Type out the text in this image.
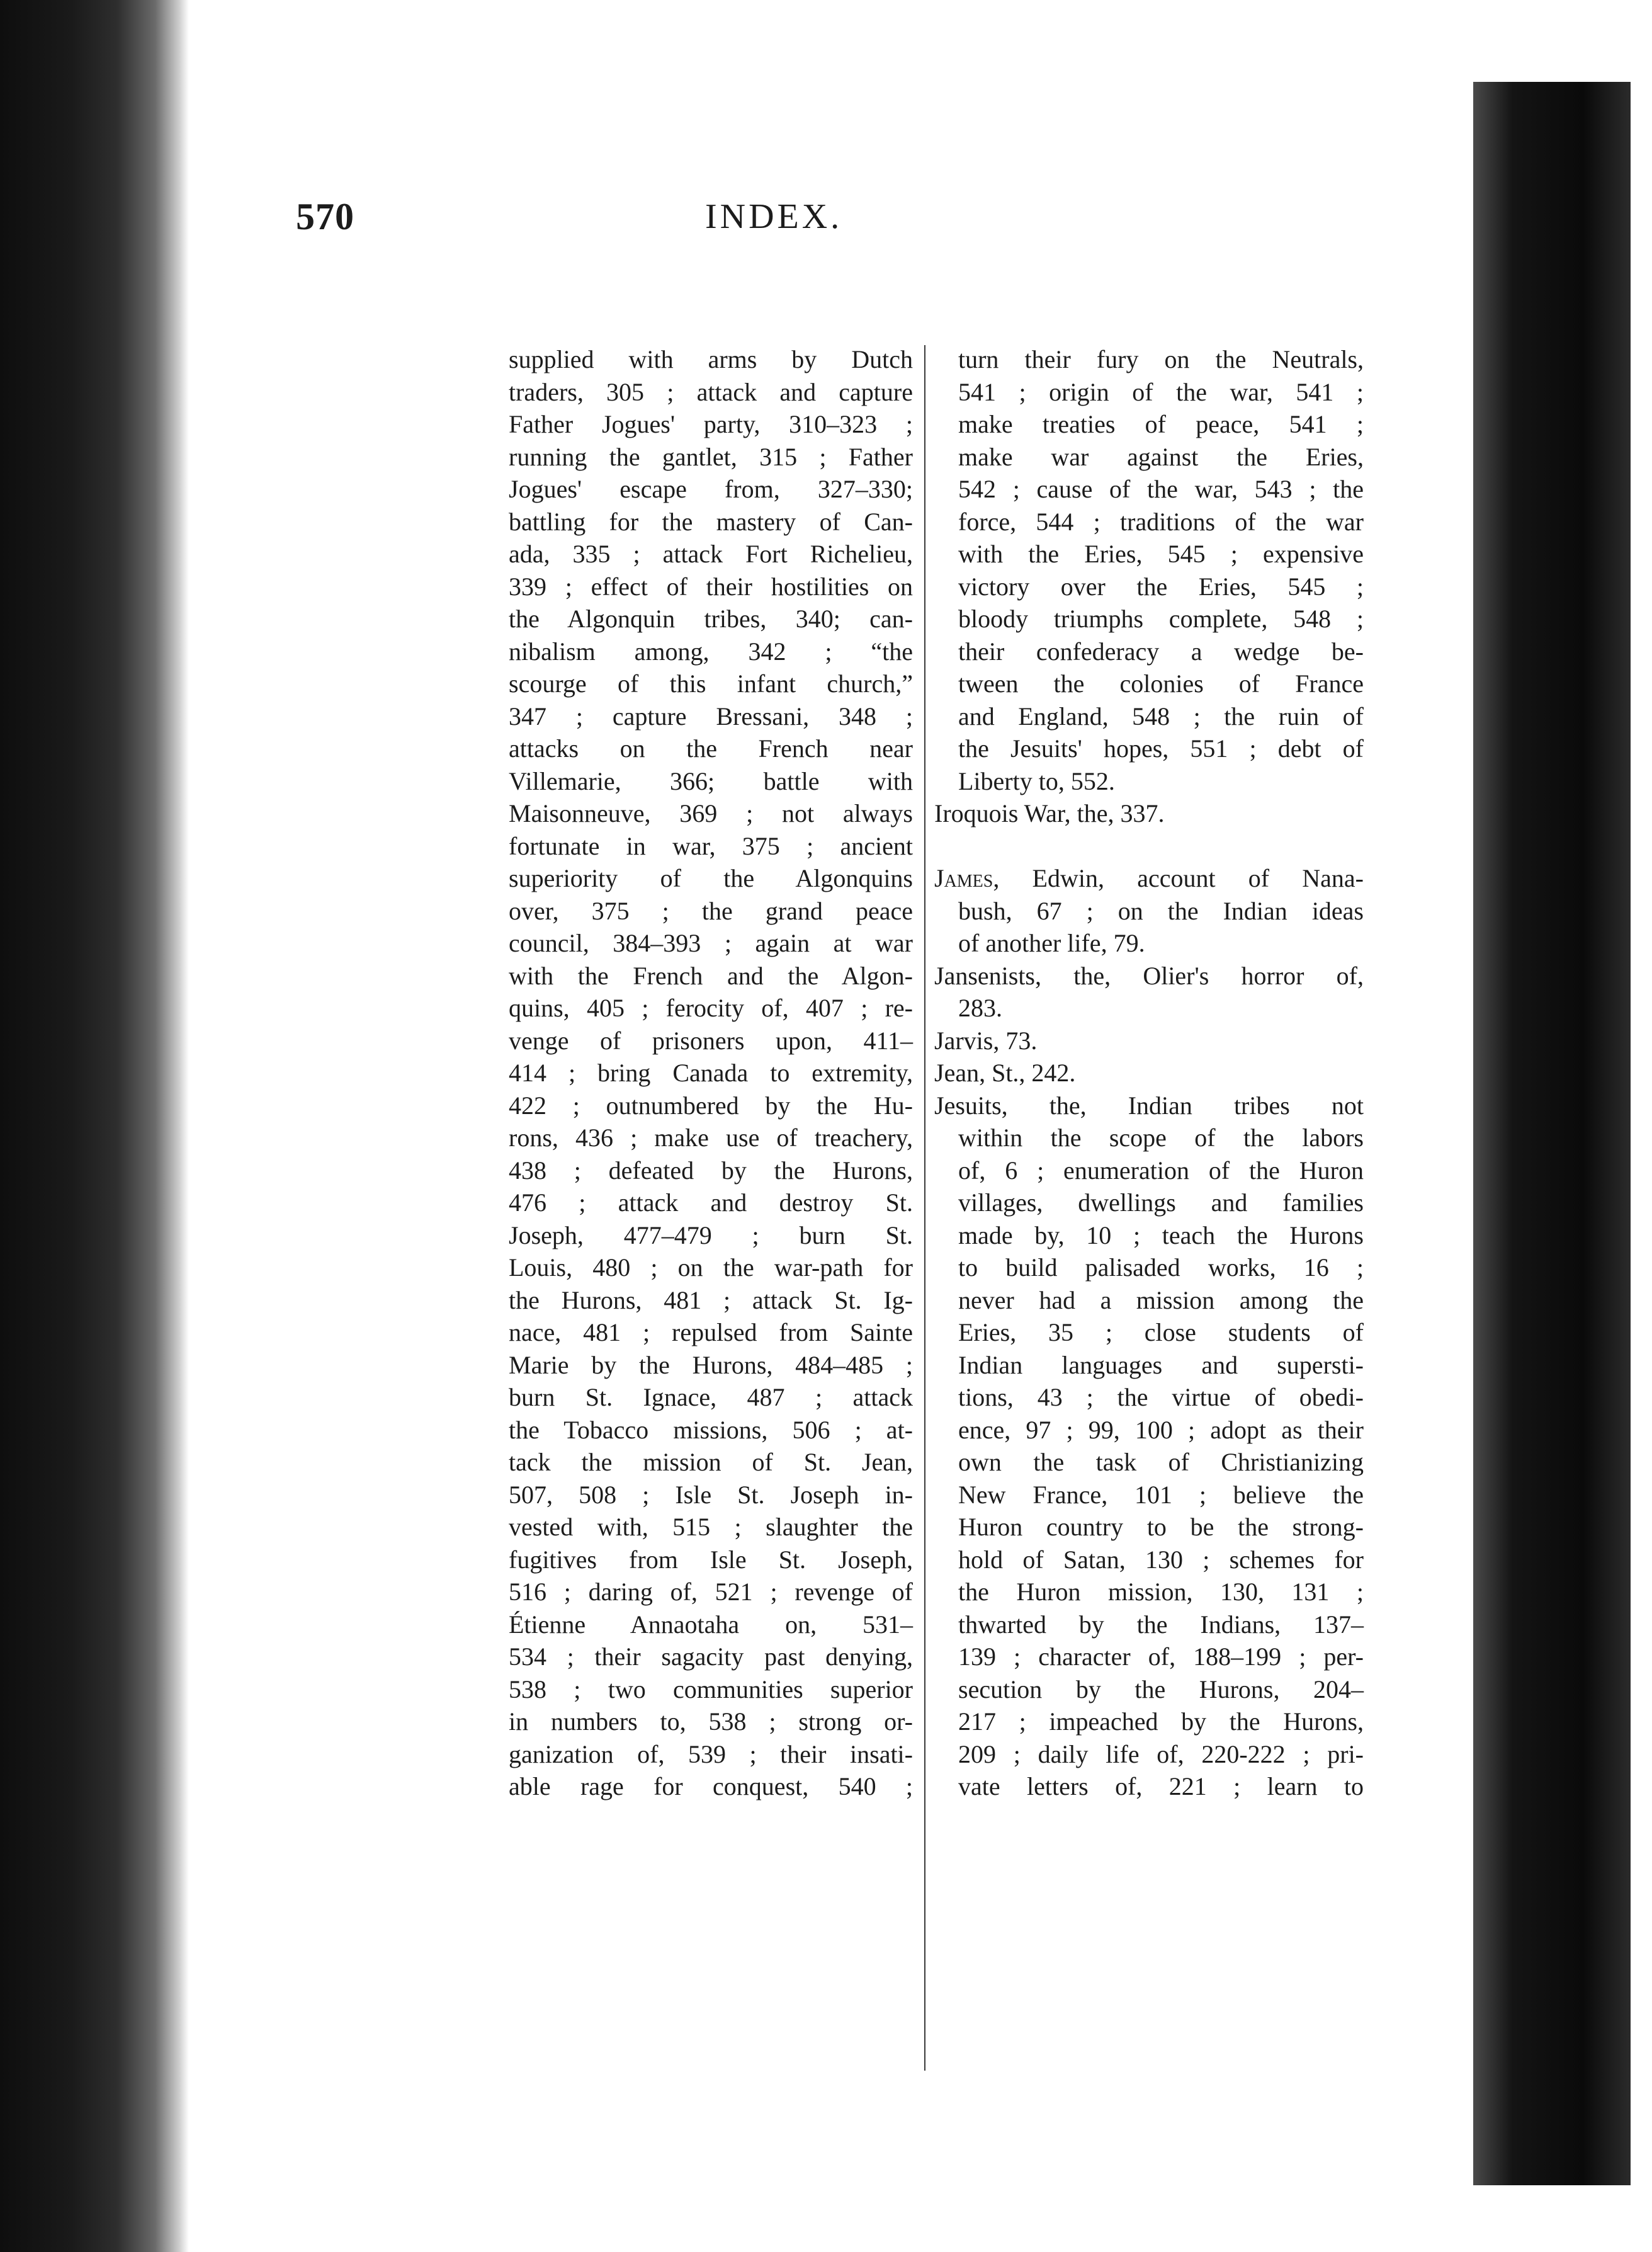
570	INDEX.
supplied with arms by Dutch
traders, 305 ; attack and capture
Father Jogues' party, 310–323 ;
running the gantlet, 315 ; Father
Jogues' escape from, 327–330;
battling for the mastery of Can-
ada, 335 ; attack Fort Richelieu,
339 ; effect of their hostilities on
the Algonquin tribes, 340; can-
nibalism among, 342 ; “the
scourge of this infant church,”
347 ; capture Bressani, 348 ;
attacks on the French near
Villemarie, 366; battle with
Maisonneuve, 369 ; not always
fortunate in war, 375 ; ancient
superiority of the Algonquins
over, 375 ; the grand peace
council, 384–393 ; again at war
with the French and the Algon-
quins, 405 ; ferocity of, 407 ; re-
venge of prisoners upon, 411–
414 ; bring Canada to extremity,
422 ; outnumbered by the Hu-
rons, 436 ; make use of treachery,
438 ; defeated by the Hurons,
476 ; attack and destroy St.
Joseph, 477–479 ; burn St.
Louis, 480 ; on the war-path for
the Hurons, 481 ; attack St. Ig-
nace, 481 ; repulsed from Sainte
Marie by the Hurons, 484–485 ;
burn St. Ignace, 487 ; attack
the Tobacco missions, 506 ; at-
tack the mission of St. Jean,
507, 508 ; Isle St. Joseph in-
vested with, 515 ; slaughter the
fugitives from Isle St. Joseph,
516 ; daring of, 521 ; revenge of
Étienne Annaotaha on, 531–
534 ; their sagacity past denying,
538 ; two communities superior
in numbers to, 538 ; strong or-
ganization of, 539 ; their insati-
able rage for conquest, 540 ;
turn their fury on the Neutrals,
541 ; origin of the war, 541 ;
make treaties of peace, 541 ;
make war against the Eries,
542 ; cause of the war, 543 ; the
force, 544 ; traditions of the war
with the Eries, 545 ; expensive
victory over the Eries, 545 ;
bloody triumphs complete, 548 ;
their confederacy a wedge be-
tween the colonies of France
and England, 548 ; the ruin of
the Jesuits' hopes, 551 ; debt of
Liberty to, 552.
Iroquois War, the, 337.
James, Edwin, account of Nana-
bush, 67 ; on the Indian ideas
of another life, 79.
Jansenists, the, Olier's horror of,
283.
Jarvis, 73.
Jean, St., 242.
Jesuits, the, Indian tribes not
within the scope of the labors
of, 6 ; enumeration of the Huron
villages, dwellings and families
made by, 10 ; teach the Hurons
to build palisaded works, 16 ;
never had a mission among the
Eries, 35 ; close students of
Indian languages and supersti-
tions, 43 ; the virtue of obedi-
ence, 97 ; 99, 100 ; adopt as their
own the task of Christianizing
New France, 101 ; believe the
Huron country to be the strong-
hold of Satan, 130 ; schemes for
the Huron mission, 130, 131 ;
thwarted by the Indians, 137–
139 ; character of, 188–199 ; per-
secution by the Hurons, 204–
217 ; impeached by the Hurons,
209 ; daily life of, 220-222 ; pri-
vate letters of, 221 ; learn to
